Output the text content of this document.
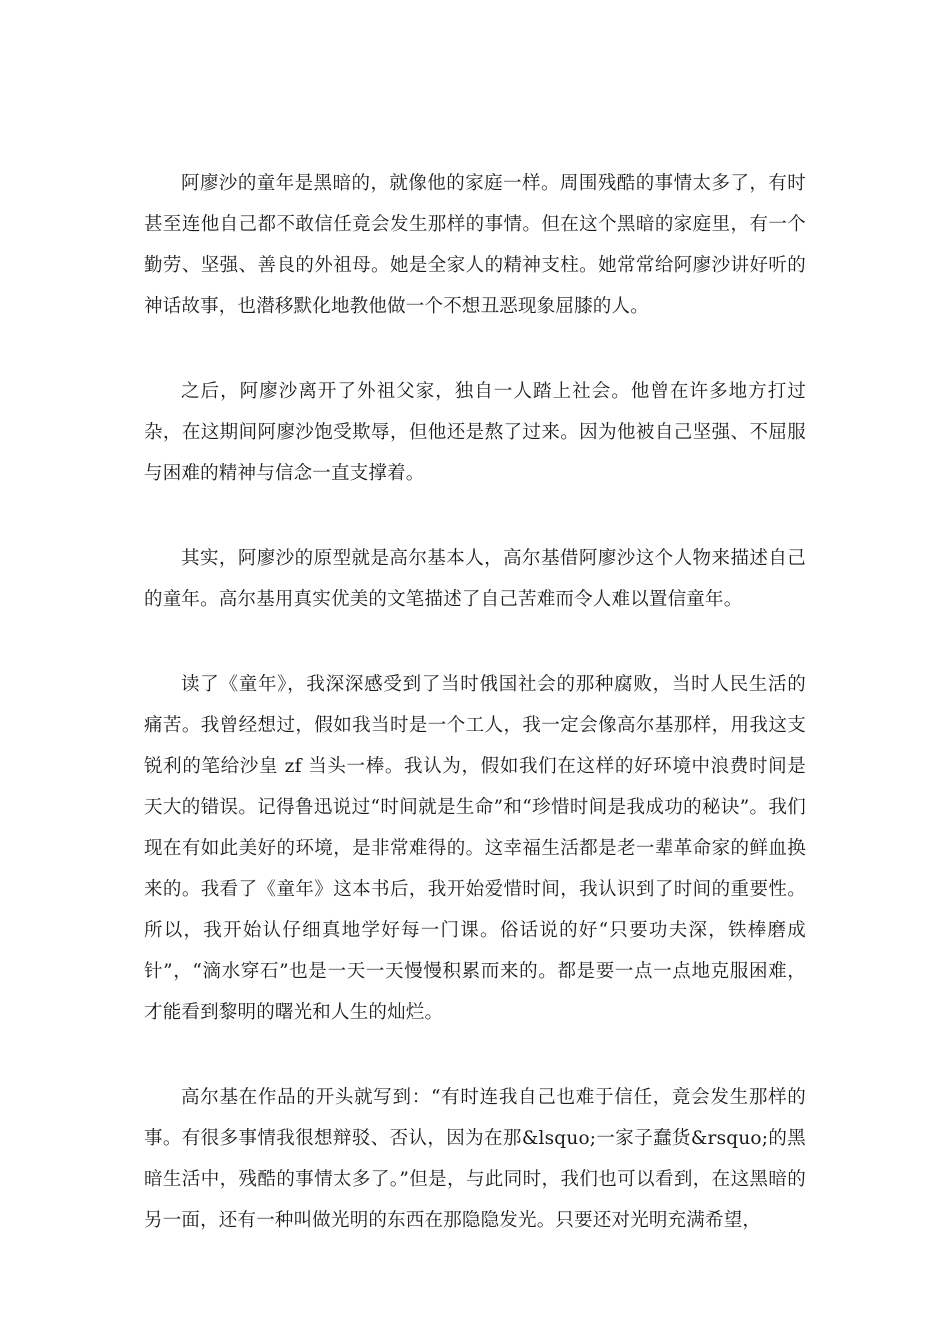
阿廖沙的童年是黑暗的，就像他的家庭一样。周围残酷的事情太多了，有时甚至连他自己都不敢信任竟会发生那样的事情。但在这个黑暗的家庭里，有一个勤劳、坚强、善良的外祖母。她是全家人的精神支柱。她常常给阿廖沙讲好听的神话故事，也潜移默化地教他做一个不想丑恶现象屈膝的人。

之后，阿廖沙离开了外祖父家，独自一人踏上社会。他曾在许多地方打过杂，在这期间阿廖沙饱受欺辱，但他还是熬了过来。因为他被自己坚强、不屈服与困难的精神与信念一直支撑着。

其实，阿廖沙的原型就是高尔基本人，高尔基借阿廖沙这个人物来描述自己的童年。高尔基用真实优美的文笔描述了自己苦难而令人难以置信童年。

读了《童年》，我深深感受到了当时俄国社会的那种腐败，当时人民生活的痛苦。我曾经想过，假如我当时是一个工人，我一定会像高尔基那样，用我这支锐利的笔给沙皇 zf 当头一棒。我认为，假如我们在这样的好环境中浪费时间是天大的错误。记得鲁迅说过“时间就是生命”和“珍惜时间是我成功的秘诀”。我们现在有如此美好的环境，是非常难得的。这幸福生活都是老一辈革命家的鲜血换来的。我看了《童年》这本书后，我开始爱惜时间，我认识到了时间的重要性。所以，我开始认仔细真地学好每一门课。俗话说的好“只要功夫深，铁棒磨成针”，“滴水穿石”也是一天一天慢慢积累而来的。都是要一点一点地克服困难，才能看到黎明的曙光和人生的灿烂。

高尔基在作品的开头就写到：“有时连我自己也难于信任，竟会发生那样的事。有很多事情我很想辩驳、否认，因为在那&lsquo;一家子蠢货&rsquo;的黑暗生活中，残酷的事情太多了。”但是，与此同时，我们也可以看到，在这黑暗的另一面，还有一种叫做光明的东西在那隐隐发光。只要还对光明充满希望，
